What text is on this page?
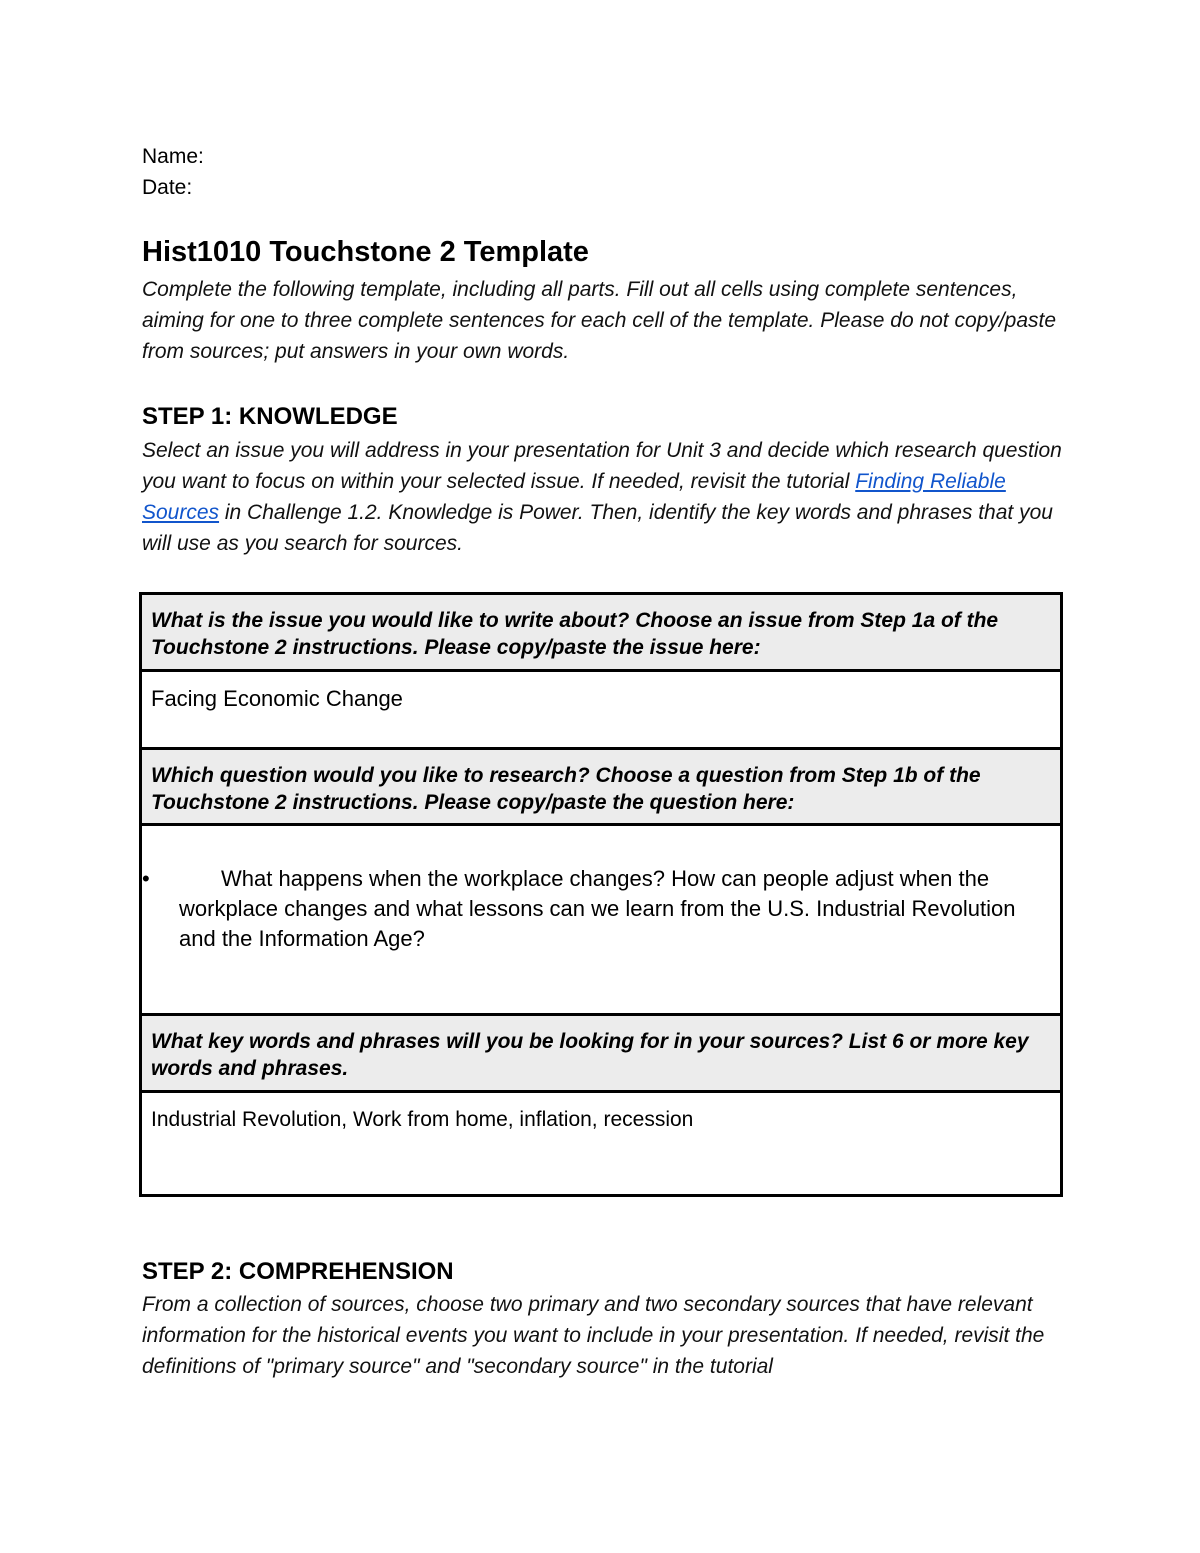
Name:

Date:

Hist1010 Touchstone 2 Template

Complete the following template, including all parts. Fill out all cells using complete sentences, aiming for one to three complete sentences for each cell of the template. Please do not copy/paste from sources; put answers in your own words.

STEP 1: KNOWLEDGE

Select an issue you will address in your presentation for Unit 3 and decide which research question you want to focus on within your selected issue. If needed, revisit the tutorial Finding Reliable Sources in Challenge 1.2. Knowledge is Power. Then, identify the key words and phrases that you will use as you search for sources.

What is the issue you would like to write about? Choose an issue from Step 1a of the Touchstone 2 instructions. Please copy/paste the issue here:
Facing Economic Change
Which question would you like to research? Choose a question from Step 1b of the Touchstone 2 instructions. Please copy/paste the question here:
•	What happens when the workplace changes? How can people adjust when the workplace changes and what lessons can we learn from the U.S. Industrial Revolution and the Information Age?
What key words and phrases will you be looking for in your sources? List 6 or more key words and phrases.
Industrial Revolution, Work from home, inflation, recession
STEP 2: COMPREHENSION

From a collection of sources, choose two primary and two secondary sources that have relevant information for the historical events you want to include in your presentation. If needed, revisit the definitions of "primary source" and "secondary source" in the tutorial
